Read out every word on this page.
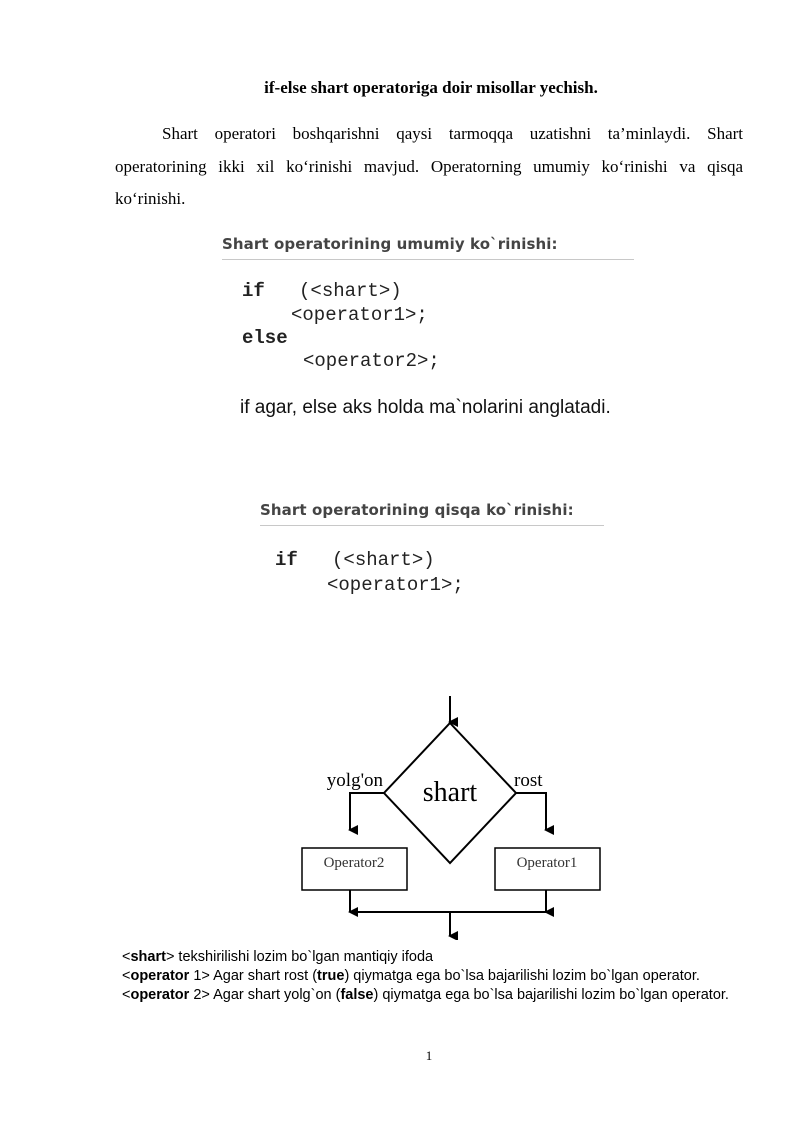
if-else shart operatoriga doir misollar yechish.
Shart operatori boshqarishni qaysi tarmoqqa uzatishni ta’minlaydi. Shart operatorining ikki xil ko‘rinishi mavjud. Operatorning umumiy ko‘rinishi va qisqa ko‘rinishi.
Shart operatorining umumiy ko`rinishi:
if   (<shart>)
<operator1>;
else
<operator2>;
if agar, else aks holda ma`nolarini anglatadi.
Shart operatorining qisqa ko`rinishi:
if   (<shart>)
<operator1>;
shart
yolg'on	rost
Operator2	Operator1
<shart> tekshirilishi lozim bo`lgan mantiqiy ifoda
<operator 1> Agar shart rost (true) qiymatga ega bo`lsa bajarilishi lozim bo`lgan operator.
<operator 2> Agar shart yolg`on (false) qiymatga ega bo`lsa bajarilishi lozim bo`lgan operator.
1
